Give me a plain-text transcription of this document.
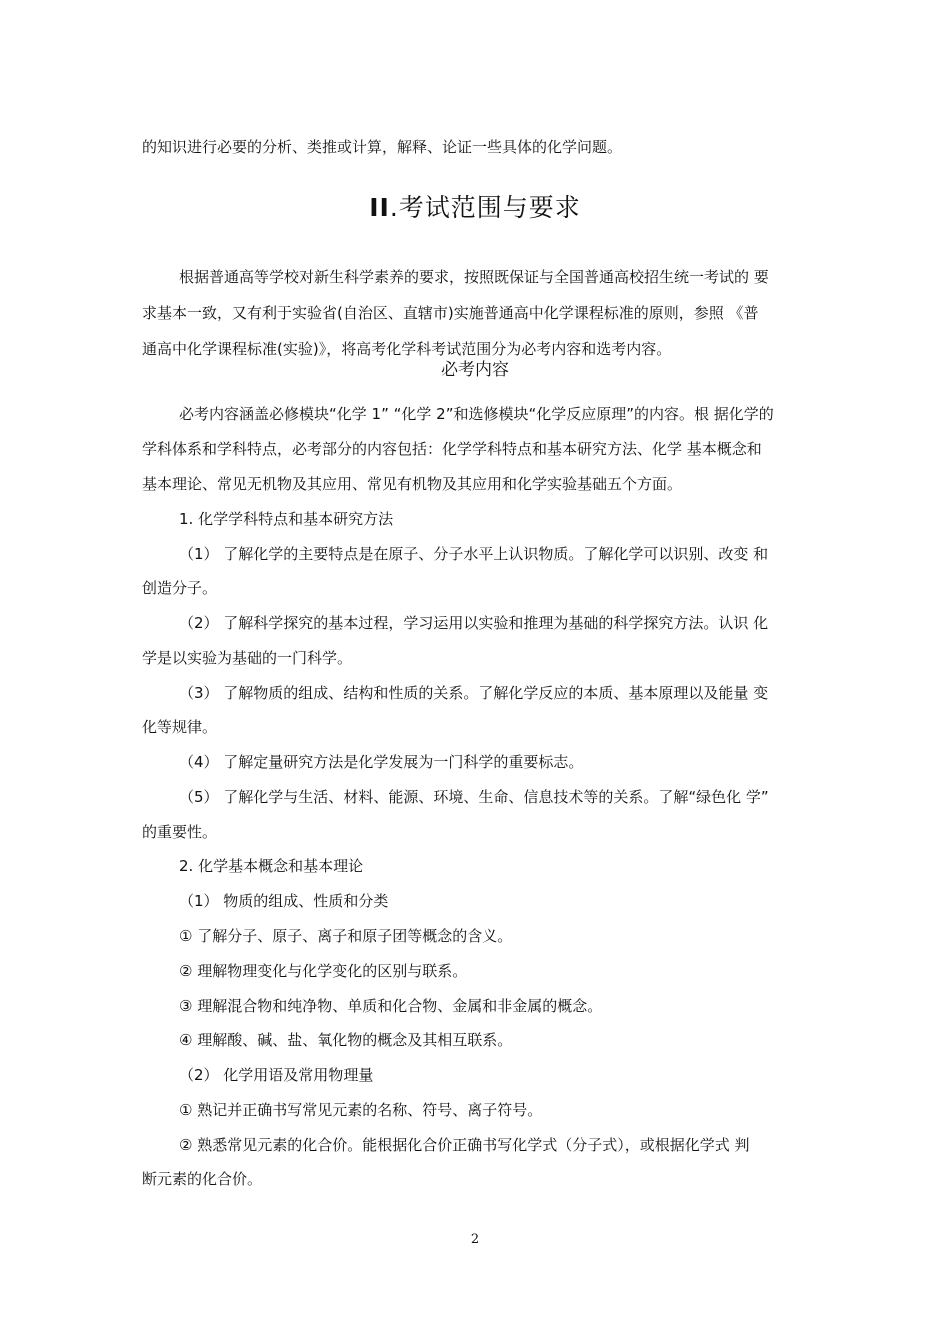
的知识进行必要的分析、类推或计算，解释、论证一些具体的化学问题。
II.考试范围与要求
根据普通高等学校对新生科学素养的要求，按照既保证与全国普通高校招生统一考试的 要
求基本一致，又有利于实验省(自治区、直辖市)实施普通高中化学课程标准的原则，参照 《普
通高中化学课程标准(实验)》，将高考化学科考试范围分为必考内容和选考内容。
必考内容
必考内容涵盖必修模块“化学 1” “化学 2”和选修模块“化学反应原理”的内容。根 据化学的
学科体系和学科特点，必考部分的内容包括：化学学科特点和基本研究方法、化学 基本概念和
基本理论、常见无机物及其应用、常见有机物及其应用和化学实验基础五个方面。
1. 化学学科特点和基本研究方法
（1） 了解化学的主要特点是在原子、分子水平上认识物质。了解化学可以识别、改变 和
创造分子。
（2） 了解科学探究的基本过程，学习运用以实验和推理为基础的科学探究方法。认识 化
学是以实验为基础的一门科学。
（3） 了解物质的组成、结构和性质的关系。了解化学反应的本质、基本原理以及能量 变
化等规律。
（4） 了解定量研究方法是化学发展为一门科学的重要标志。
（5） 了解化学与生活、材料、能源、环境、生命、信息技术等的关系。了解“绿色化 学”
的重要性。
2. 化学基本概念和基本理论
（1） 物质的组成、性质和分类
① 了解分子、原子、离子和原子团等概念的含义。
② 理解物理变化与化学变化的区别与联系。
③ 理解混合物和纯净物、单质和化合物、金属和非金属的概念。
④ 理解酸、碱、盐、氧化物的概念及其相互联系。
（2） 化学用语及常用物理量
① 熟记并正确书写常见元素的名称、符号、离子符号。
② 熟悉常见元素的化合价。能根据化合价正确书写化学式（分子式），或根据化学式 判
断元素的化合价。
2
